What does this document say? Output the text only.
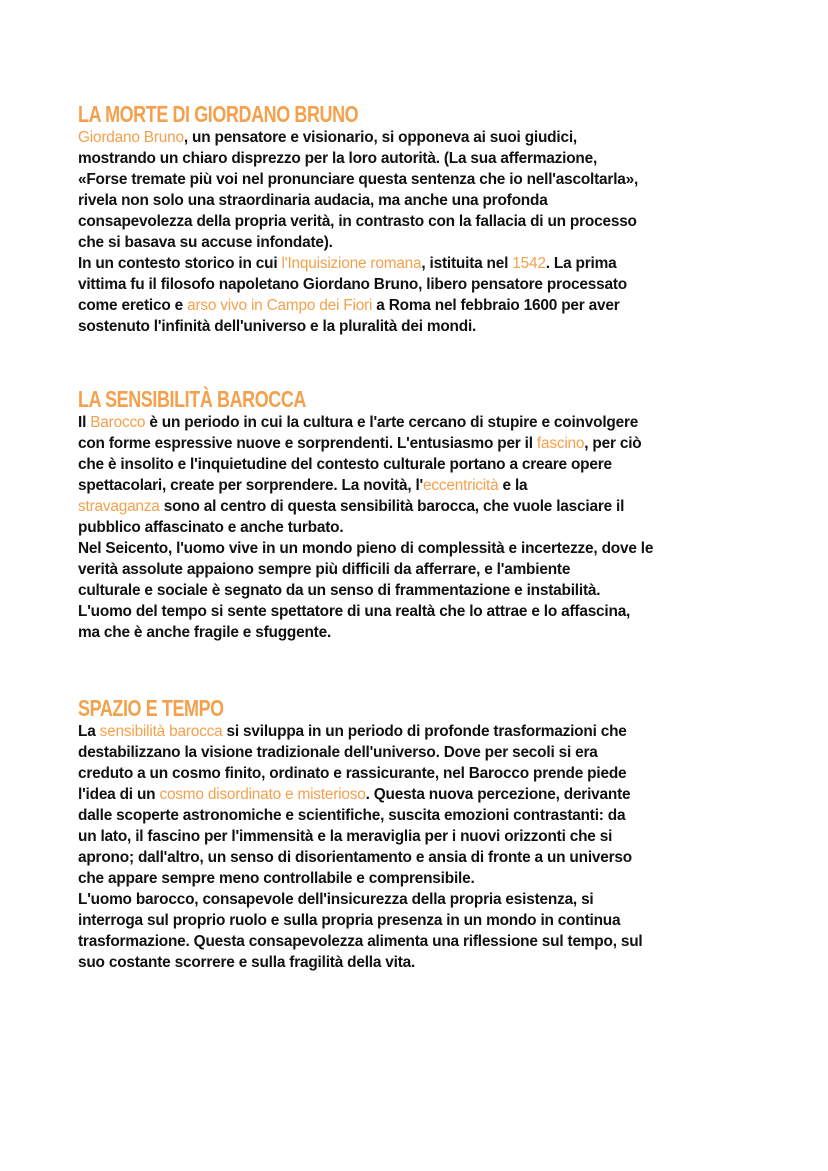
LA MORTE DI GIORDANO BRUNO
Giordano Bruno, un pensatore e visionario, si opponeva ai suoi giudici,
mostrando un chiaro disprezzo per la loro autorità. (La sua affermazione,
«Forse tremate più voi nel pronunciare questa sentenza che io nell'ascoltarla»,
rivela non solo una straordinaria audacia, ma anche una profonda
consapevolezza della propria verità, in contrasto con la fallacia di un processo
che si basava su accuse infondate).
In un contesto storico in cui l'Inquisizione romana, istituita nel 1542. La prima
vittima fu il filosofo napoletano Giordano Bruno, libero pensatore processato
come eretico e arso vivo in Campo dei Fiori a Roma nel febbraio 1600 per aver
sostenuto l'infinità dell'universo e la pluralità dei mondi.
LA SENSIBILITÀ BAROCCA
Il Barocco è un periodo in cui la cultura e l'arte cercano di stupire e coinvolgere
con forme espressive nuove e sorprendenti. L'entusiasmo per il fascino, per ciò
che è insolito e l'inquietudine del contesto culturale portano a creare opere
spettacolari, create per sorprendere. La novità, l'eccentricità e la
stravaganza sono al centro di questa sensibilità barocca, che vuole lasciare il
pubblico affascinato e anche turbato.
Nel Seicento, l'uomo vive in un mondo pieno di complessità e incertezze, dove le
verità assolute appaiono sempre più difficili da afferrare, e l'ambiente
culturale e sociale è segnato da un senso di frammentazione e instabilità.
L'uomo del tempo si sente spettatore di una realtà che lo attrae e lo affascina,
ma che è anche fragile e sfuggente.
SPAZIO E TEMPO
La sensibilità barocca si sviluppa in un periodo di profonde trasformazioni che
destabilizzano la visione tradizionale dell'universo. Dove per secoli si era
creduto a un cosmo finito, ordinato e rassicurante, nel Barocco prende piede
l'idea di un cosmo disordinato e misterioso. Questa nuova percezione, derivante
dalle scoperte astronomiche e scientifiche, suscita emozioni contrastanti: da
un lato, il fascino per l'immensità e la meraviglia per i nuovi orizzonti che si
aprono; dall'altro, un senso di disorientamento e ansia di fronte a un universo
che appare sempre meno controllabile e comprensibile.
L'uomo barocco, consapevole dell'insicurezza della propria esistenza, si
interroga sul proprio ruolo e sulla propria presenza in un mondo in continua
trasformazione. Questa consapevolezza alimenta una riflessione sul tempo, sul
suo costante scorrere e sulla fragilità della vita.
